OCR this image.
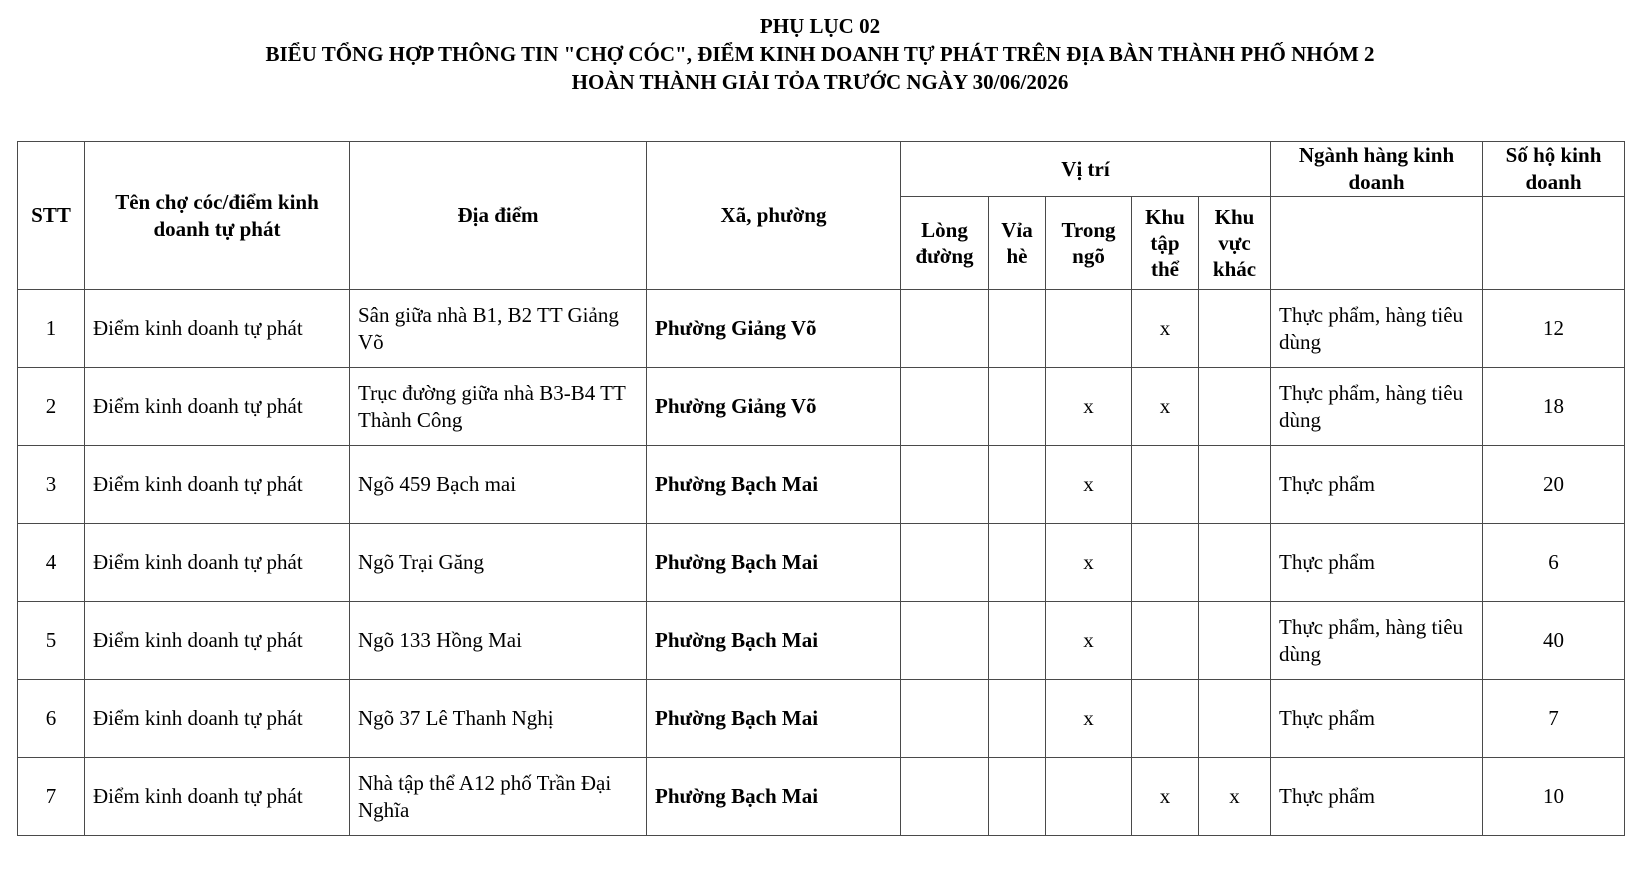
PHỤ LỤC 02
BIỂU TỔNG HỢP THÔNG TIN "CHỢ CÓC", ĐIỂM KINH DOANH TỰ PHÁT TRÊN ĐỊA BÀN THÀNH PHỐ NHÓM 2
HOÀN THÀNH GIẢI TỎA TRƯỚC NGÀY 30/06/2026
STT	Tên chợ cóc/điểm kinh doanh tự phát	Địa điểm	Xã, phường	Vị trí					Ngành hàng kinh doanh	Số hộ kinh doanh
				Lòng đường	Vỉa hè	Trong ngõ	Khu tập thể	Khu vực khác		
1	Điểm kinh doanh tự phát	Sân giữa nhà B1, B2 TT Giảng Võ	Phường Giảng Võ				x		Thực phẩm, hàng tiêu dùng	12
2	Điểm kinh doanh tự phát	Trục đường giữa nhà B3-B4 TT Thành Công	Phường Giảng Võ			x	x		Thực phẩm, hàng tiêu dùng	18
3	Điểm kinh doanh tự phát	Ngõ 459 Bạch mai	Phường Bạch Mai			x			Thực phẩm	20
4	Điểm kinh doanh tự phát	Ngõ Trại Găng	Phường Bạch Mai			x			Thực phẩm	6
5	Điểm kinh doanh tự phát	Ngõ 133 Hồng Mai	Phường Bạch Mai			x			Thực phẩm, hàng tiêu dùng	40
6	Điểm kinh doanh tự phát	Ngõ 37 Lê Thanh Nghị	Phường Bạch Mai			x			Thực phẩm	7
7	Điểm kinh doanh tự phát	Nhà tập thể A12 phố Trần Đại Nghĩa	Phường Bạch Mai				x	x	Thực phẩm	10
